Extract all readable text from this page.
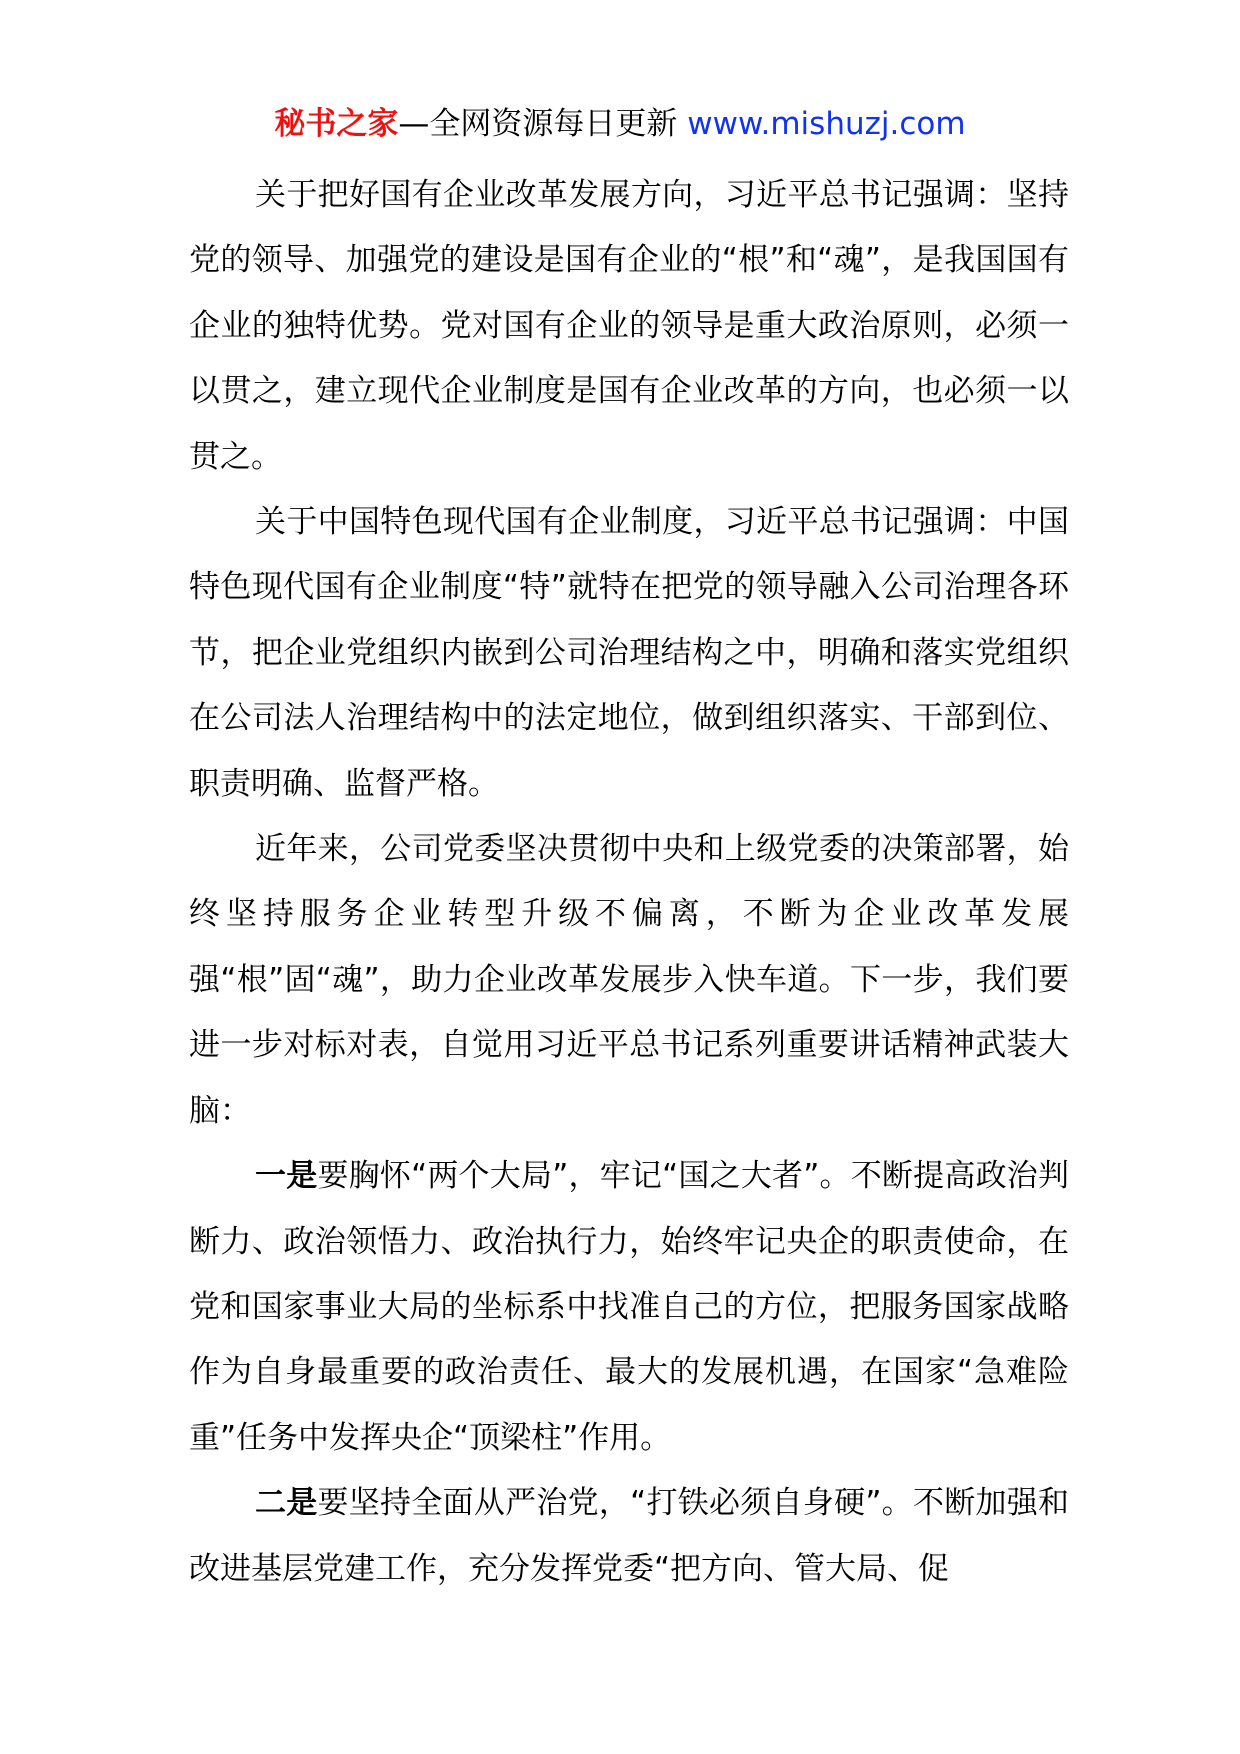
秘书之家—全网资源每日更新 www.mishuzj.com

关于把好国有企业改革发展方向，习近平总书记强调：坚持党的领导、加强党的建设是国有企业的“根”和“魂”，是我国国有企业的独特优势。党对国有企业的领导是重大政治原则，必须一以贯之，建立现代企业制度是国有企业改革的方向，也必须一以贯之。

关于中国特色现代国有企业制度，习近平总书记强调：中国特色现代国有企业制度“特”就特在把党的领导融入公司治理各环节，把企业党组织内嵌到公司治理结构之中，明确和落实党组织在公司法人治理结构中的法定地位，做到组织落实、干部到位、职责明确、监督严格。

近年来，公司党委坚决贯彻中央和上级党委的决策部署，始终坚持服务企业转型升级不偏离，不断为企业改革发展强“根”固“魂”，助力企业改革发展步入快车道。下一步，我们要进一步对标对表，自觉用习近平总书记系列重要讲话精神武装大脑：

一是要胸怀“两个大局”，牢记“国之大者”。不断提高政治判断力、政治领悟力、政治执行力，始终牢记央企的职责使命，在党和国家事业大局的坐标系中找准自己的方位，把服务国家战略作为自身最重要的政治责任、最大的发展机遇，在国家“急难险重”任务中发挥央企“顶梁柱”作用。

二是要坚持全面从严治党，“打铁必须自身硬”。不断加强和改进基层党建工作，充分发挥党委“把方向、管大局、促
